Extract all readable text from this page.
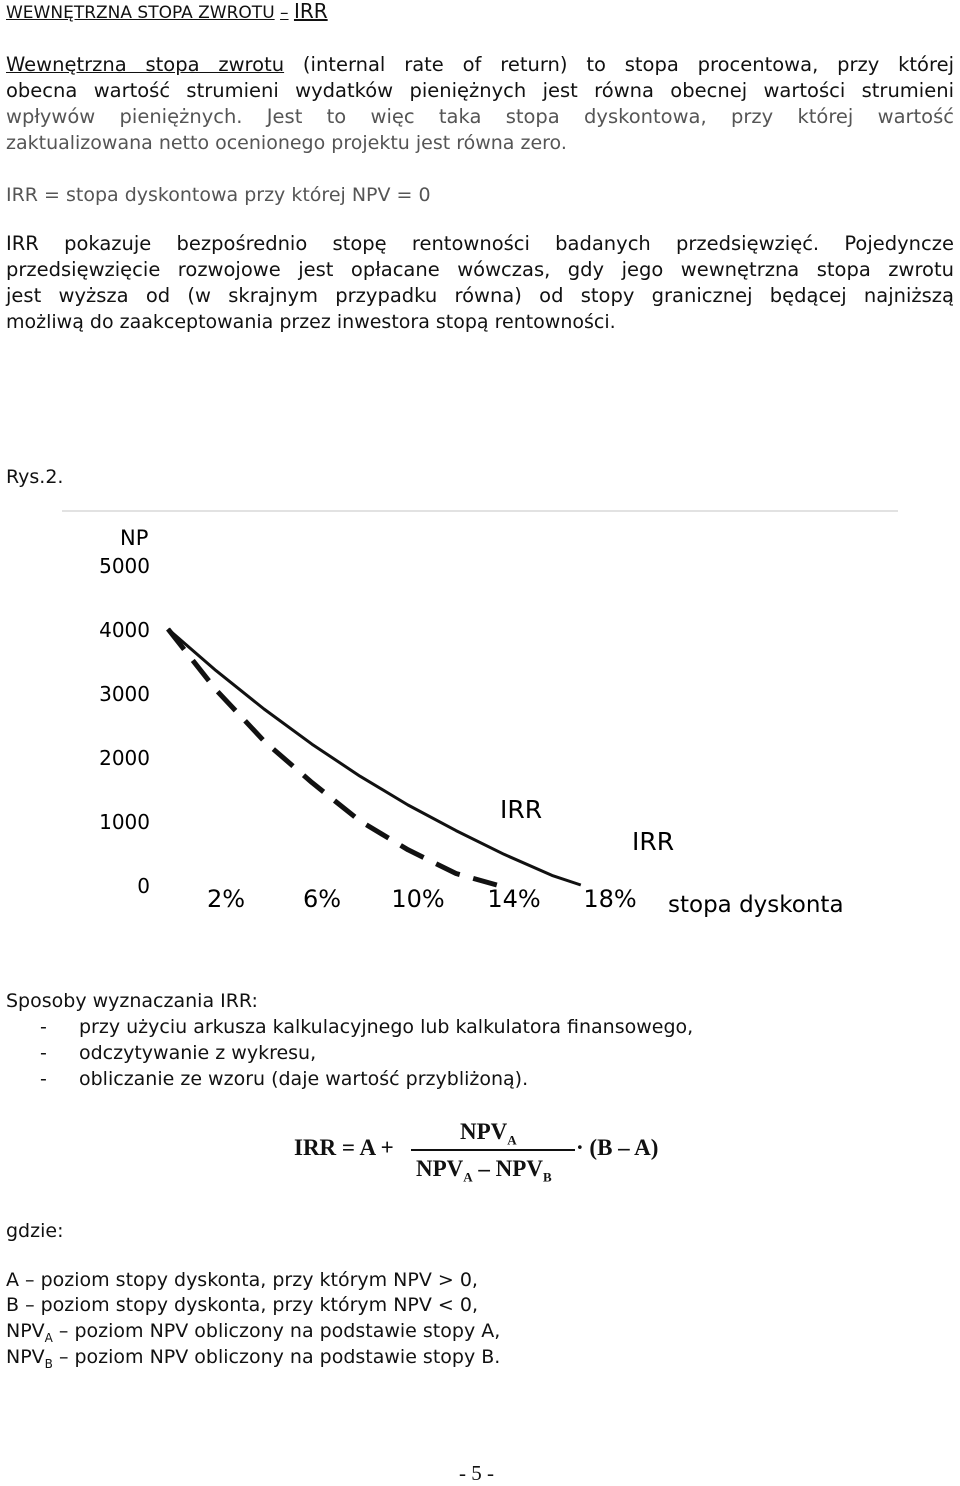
WEWNĘTRZNA STOPA ZWROTU – IRR
Wewnętrzna stopa zwrotu (internal rate of return) to stopa procentowa, przy której
obecna wartość strumieni wydatków pieniężnych jest równa obecnej wartości strumieni
wpływów pieniężnych. Jest to więc taka stopa dyskontowa, przy której wartość
zaktualizowana netto ocenionego projektu jest równa zero.
IRR = stopa dyskontowa przy której NPV = 0
IRR pokazuje bezpośrednio stopę rentowności badanych przedsięwzięć. Pojedyncze
przedsięwzięcie rozwojowe jest opłacane wówczas, gdy jego wewnętrzna stopa zwrotu
jest wyższa od (w skrajnym przypadku równa) od stopy granicznej będącej najniższą
możliwą do zaakceptowania przez inwestora stopą rentowności.
Rys.2.
NP
5000
4000
3000
2000
1000
0 2% 6% 10% 14% 18%
IRR
IRR
stopa dyskonta
Sposoby wyznaczania IRR:
- przy użyciu arkusza kalkulacyjnego lub kalkulatora finansowego,
- odczytywanie z wykresu,
- obliczanie ze wzoru (daje wartość przybliżoną).
IRR = A +
$NPV_A$
$NPV_A - NPV_B$
· (B – A)
gdzie:
A – poziom stopy dyskonta, przy którym NPV > 0,
B – poziom stopy dyskonta, przy którym NPV < 0,
$NPV_A$ – poziom NPV obliczony na podstawie stopy A,
$NPV_B$ – poziom NPV obliczony na podstawie stopy B.
- 5 -
